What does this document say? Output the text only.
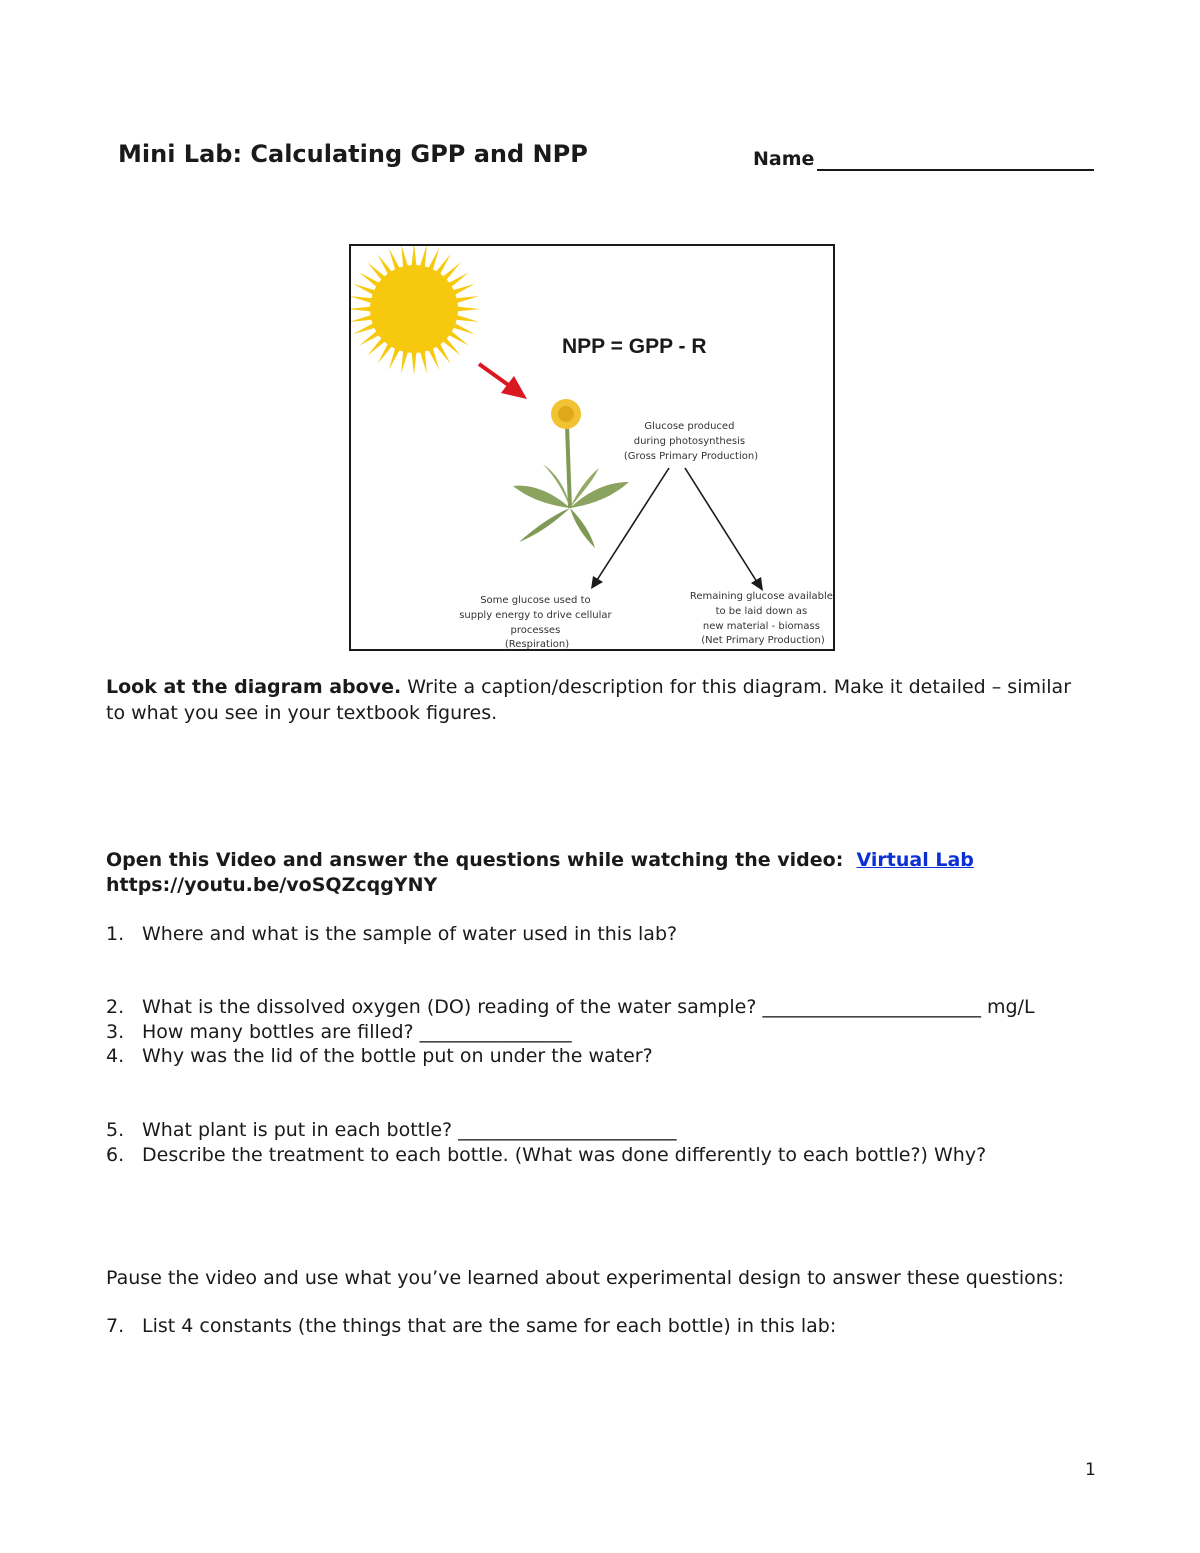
Mini Lab: Calculating GPP and NPP	Name
NPP = GPP - R
Glucose produced during photosynthesis (Gross Primary Production)
Some glucose used to supply energy to drive cellular processes (Respiration)
Remaining glucose available to be laid down as new material - biomass (Net Primary Production)
Look at the diagram above. Write a caption/description for this diagram. Make it detailed – similar
to what you see in your textbook figures.
Open this Video and answer the questions while watching the video: Virtual Lab
https://youtu.be/voSQZcqgYNY
1. Where and what is the sample of water used in this lab?
2. What is the dissolved oxygen (DO) reading of the water sample? _______________________ mg/L
3. How many bottles are filled? ________________
4. Why was the lid of the bottle put on under the water?
5. What plant is put in each bottle? _______________________
6. Describe the treatment to each bottle. (What was done differently to each bottle?) Why?
Pause the video and use what you’ve learned about experimental design to answer these questions:
7. List 4 constants (the things that are the same for each bottle) in this lab:
1
